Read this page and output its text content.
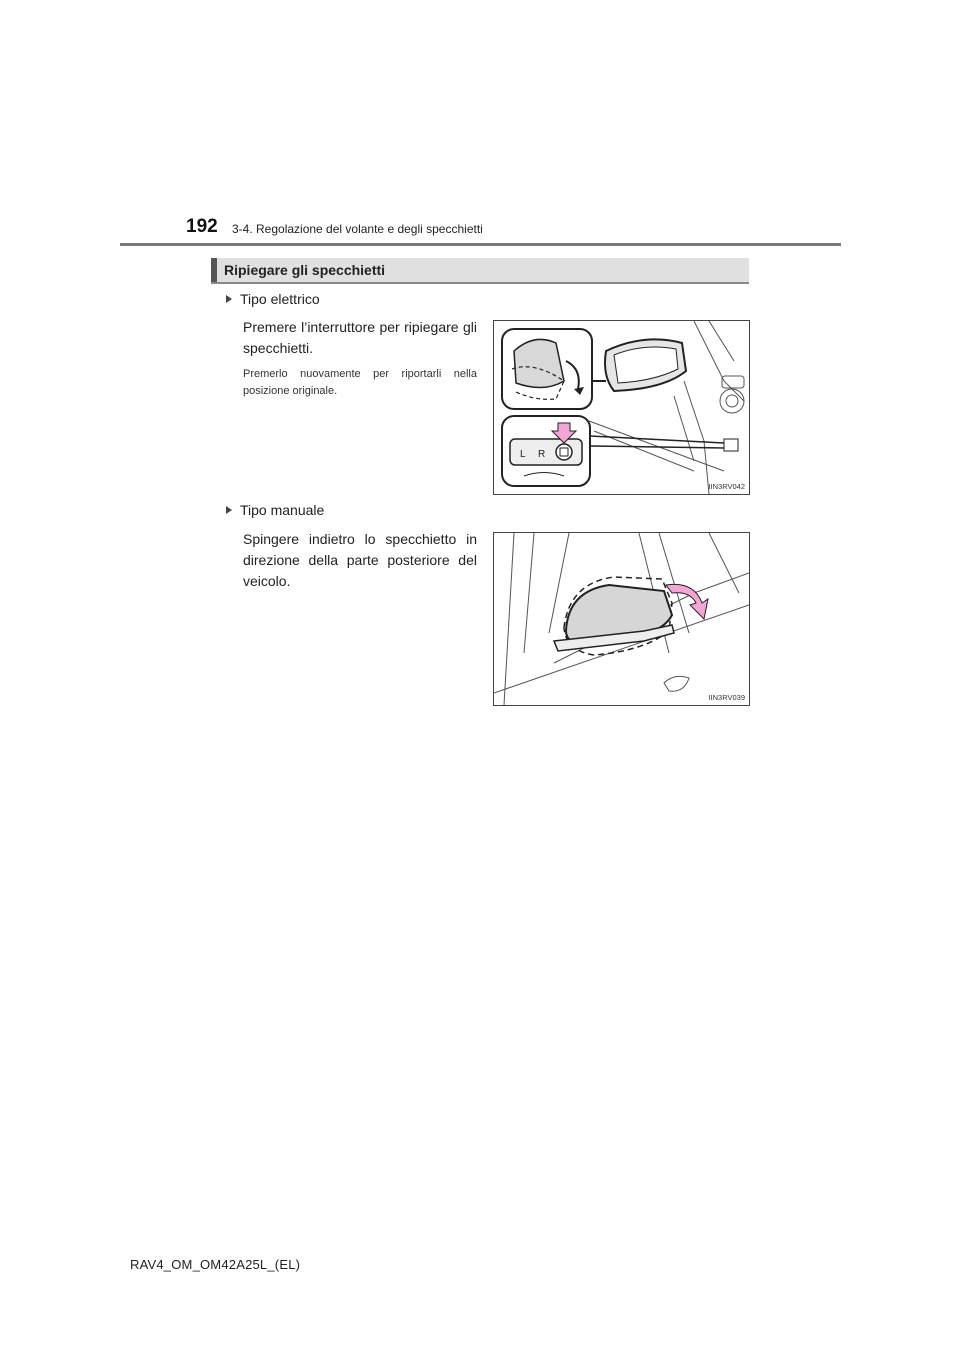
192 3-4. Regolazione del volante e degli specchietti
Ripiegare gli specchietti
Tipo elettrico
Premere l’interruttore per ripiegare gli specchietti.
Premerlo nuovamente per riportarli nella posizione originale.
L R
IIN3RV042
Tipo manuale
Spingere indietro lo specchietto in direzione della parte posteriore del veicolo.
IIN3RV039
RAV4_OM_OM42A25L_(EL)
